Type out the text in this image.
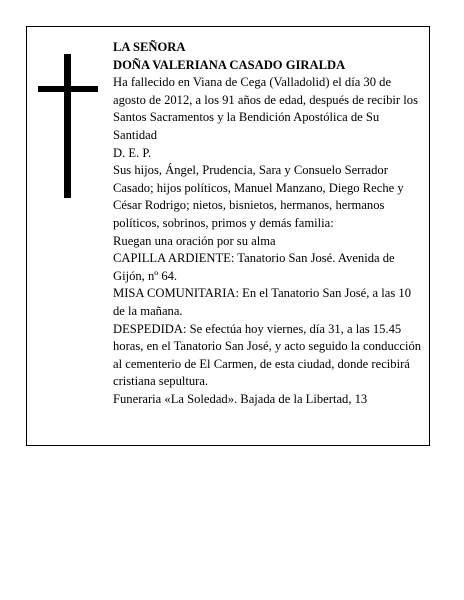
LA SEÑORA

DOÑA VALERIANA CASADO GIRALDA

Ha fallecido en Viana de Cega (Valladolid) el día 30 de agosto de 2012, a los 91 años de edad, después de recibir los Santos Sacramentos y la Bendición Apostólica de Su Santidad

D. E. P.

Sus hijos, Ángel, Prudencia, Sara y Consuelo Serrador Casado; hijos políticos, Manuel Manzano, Diego Reche y César Rodrigo; nietos, bisnietos, hermanos, hermanos políticos, sobrinos, primos y demás familia:

Ruegan una oración por su alma

CAPILLA ARDIENTE: Tanatorio San José. Avenida de Gijón, nº 64.

MISA COMUNITARIA: En el Tanatorio San José, a las 10 de la mañana.

DESPEDIDA: Se efectúa hoy viernes, día 31, a las 15.45 horas, en el Tanatorio San José, y acto seguido la conducción al cementerio de El Carmen, de esta ciudad, donde recibirá cristiana sepultura.

Funeraria «La Soledad». Bajada de la Libertad, 13
